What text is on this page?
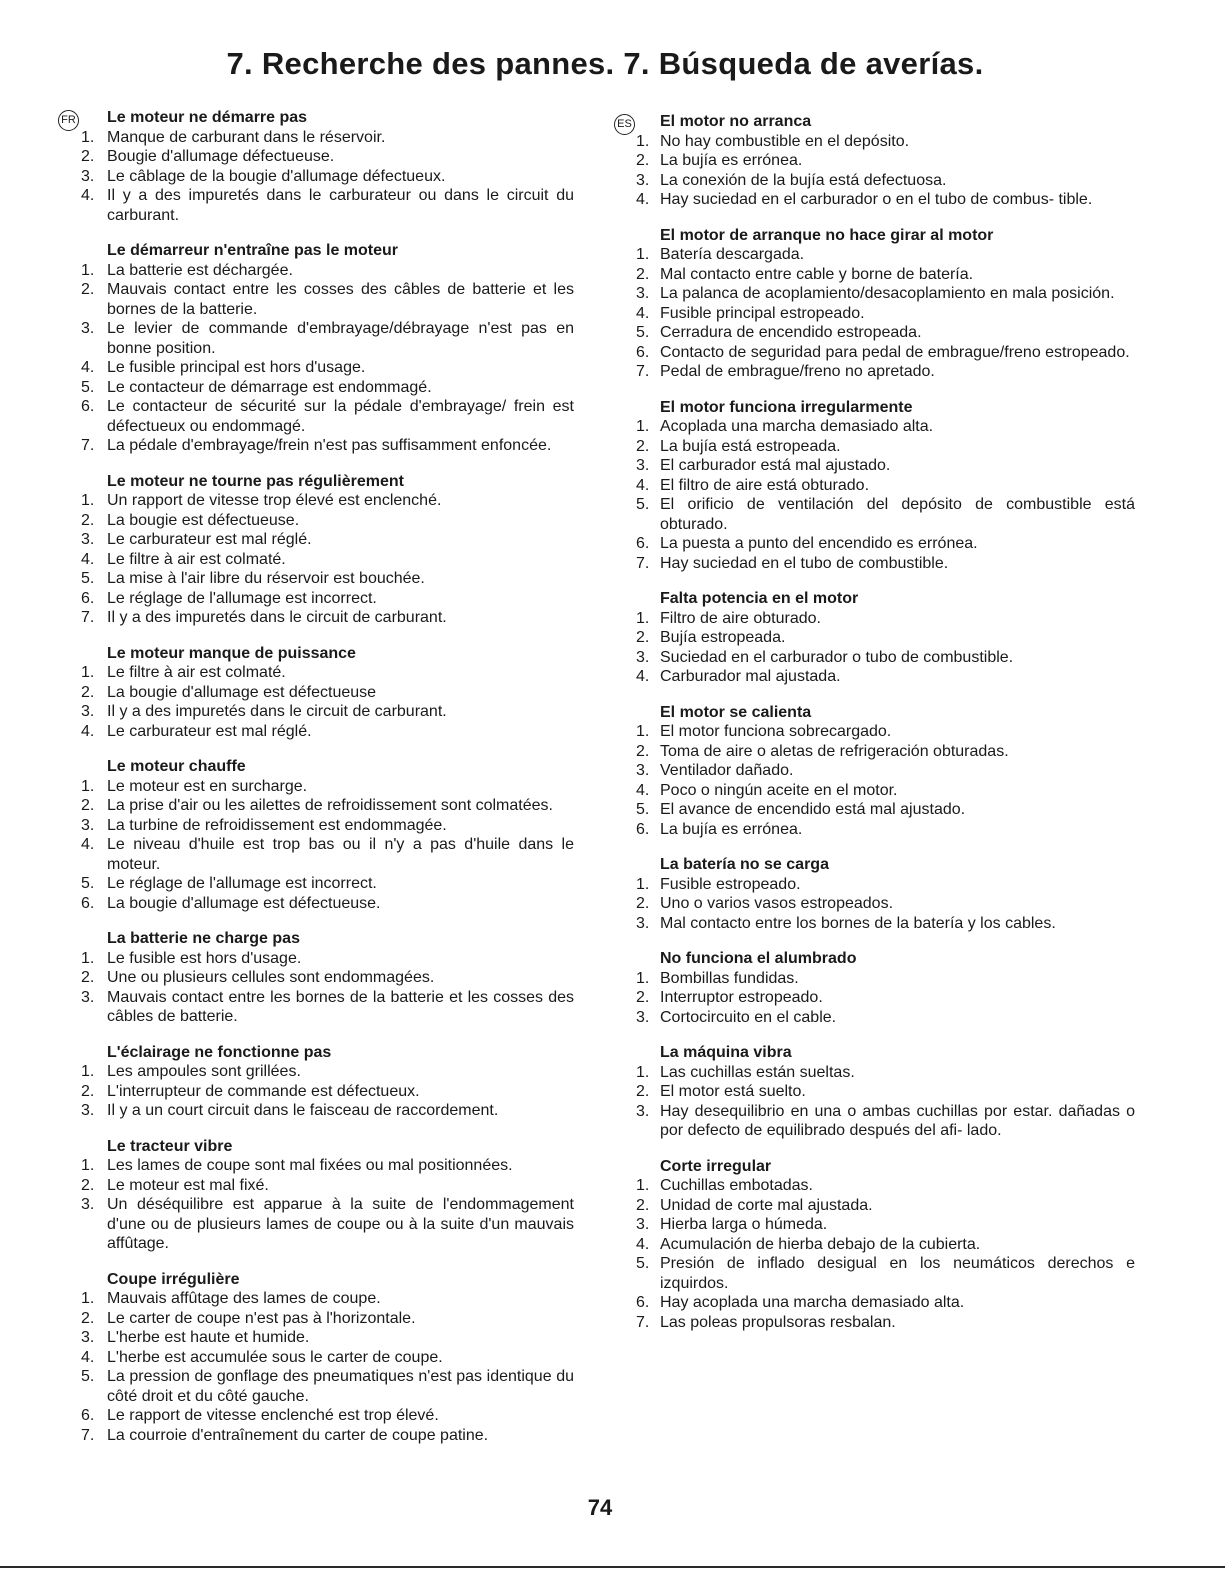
7. Recherche des pannes. 7. Búsqueda de averías.
FR Le moteur ne démarre pas
1. Manque de carburant dans le réservoir.
2. Bougie d'allumage défectueuse.
3. Le câblage de la bougie d'allumage défectueux.
4. Il y a des impuretés dans le carburateur ou dans le circuit du carburant.
Le démarreur n'entraîne pas le moteur
1. La batterie est déchargée.
2. Mauvais contact entre les cosses des câbles de batterie et les bornes de la batterie.
3. Le levier de commande d'embrayage/débrayage n'est pas en bonne position.
4. Le fusible principal est hors d'usage.
5. Le contacteur de démarrage est endommagé.
6. Le contacteur de sécurité sur la pédale d'embrayage/ frein est défectueux ou endommagé.
7. La pédale d'embrayage/frein n'est pas suffisamment enfoncée.
Le moteur ne tourne pas régulièrement
1. Un rapport de vitesse trop élevé est enclenché.
2. La bougie est défectueuse.
3. Le carburateur est mal réglé.
4. Le filtre à air est colmaté.
5. La mise à l'air libre du réservoir est bouchée.
6. Le réglage de l'allumage est incorrect.
7. Il y a des impuretés dans le circuit de carburant.
Le moteur manque de puissance
1. Le filtre à air est colmaté.
2. La bougie d'allumage est défectueuse
3. Il y a des impuretés dans le circuit de carburant.
4. Le carburateur est mal réglé.
Le moteur chauffe
1. Le moteur est en surcharge.
2. La prise d'air ou les ailettes de refroidissement sont colmatées.
3. La turbine de refroidissement est endommagée.
4. Le niveau d'huile est trop bas ou il n'y a pas d'huile dans le moteur.
5. Le réglage de l'allumage est incorrect.
6. La bougie d'allumage est défectueuse.
La batterie ne charge pas
1. Le fusible est hors d'usage.
2. Une ou plusieurs cellules sont endommagées.
3. Mauvais contact entre les bornes de la batterie et les cosses des câbles de batterie.
L'éclairage ne fonctionne pas
1. Les ampoules sont grillées.
2. L'interrupteur de commande est défectueux.
3. Il y a un court circuit dans le faisceau de raccordement.
Le tracteur vibre
1. Les lames de coupe sont mal fixées ou mal positionnées.
2. Le moteur est mal fixé.
3. Un déséquilibre est apparue à la suite de l'endommagement d'une ou de plusieurs lames de coupe ou à la suite d'un mauvais affûtage.
Coupe irrégulière
1. Mauvais affûtage des lames de coupe.
2. Le carter de coupe n'est pas à l'horizontale.
3. L'herbe est haute et humide.
4. L'herbe est accumulée sous le carter de coupe.
5. La pression de gonflage des pneumatiques n'est pas identique du côté droit et du côté gauche.
6. Le rapport de vitesse enclenché est trop élevé.
7. La courroie d'entraînement du carter de coupe patine.
ES El motor no arranca
1. No hay combustible en el depósito.
2. La bujía es errónea.
3. La conexión de la bujía está defectuosa.
4. Hay suciedad en el carburador o en el tubo de combus- tible.
El motor de arranque no hace girar al motor
1. Batería descargada.
2. Mal contacto entre cable y borne de batería.
3. La palanca de acoplamiento/desacoplamiento en mala posición.
4. Fusible principal estropeado.
5. Cerradura de encendido estropeada.
6. Contacto de seguridad para pedal de embrague/freno estropeado.
7. Pedal de embrague/freno no apretado.
El motor funciona irregularmente
1. Acoplada una marcha demasiado alta.
2. La bujía está estropeada.
3. El carburador está mal ajustado.
4. El filtro de aire está obturado.
5. El orificio de ventilación del depósito de combustible está obturado.
6. La puesta a punto del encendido es errónea.
7. Hay suciedad en el tubo de combustible.
Falta potencia en el motor
1. Filtro de aire obturado.
2. Bujía estropeada.
3. Suciedad en el carburador o tubo de combustible.
4. Carburador mal ajustada.
El motor se calienta
1. El motor funciona sobrecargado.
2. Toma de aire o aletas de refrigeración obturadas.
3. Ventilador dañado.
4. Poco o ningún aceite en el motor.
5. El avance de encendido está mal ajustado.
6. La bujía es errónea.
La batería no se carga
1. Fusible estropeado.
2. Uno o varios vasos estropeados.
3. Mal contacto entre los bornes de la batería y los cables.
No funciona el alumbrado
1. Bombillas fundidas.
2. Interruptor estropeado.
3. Cortocircuito en el cable.
La máquina vibra
1. Las cuchillas están sueltas.
2. El motor está suelto.
3. Hay desequilibrio en una o ambas cuchillas por estar. dañadas o por defecto de equilibrado después del afi- lado.
Corte irregular
1. Cuchillas embotadas.
2. Unidad de corte mal ajustada.
3. Hierba larga o húmeda.
4. Acumulación de hierba debajo de la cubierta.
5. Presión de inflado desigual en los neumáticos derechos e izquirdos.
6. Hay acoplada una marcha demasiado alta.
7. Las poleas propulsoras resbalan.
74
